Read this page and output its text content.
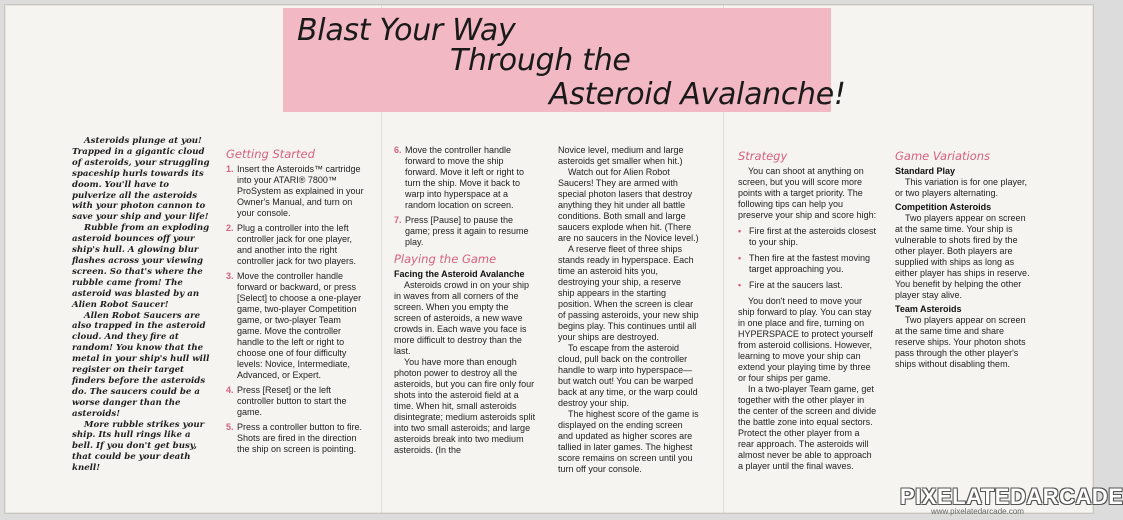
Blast Your Way
Through the
Asteroid Avalanche!

Asteroids plunge at you! Trapped in a gigantic cloud of asteroids, your struggling spaceship hurls towards its doom. You'll have to pulverize all the asteroids with your photon cannon to save your ship and your life!

Rubble from an exploding asteroid bounces off your ship's hull. A glowing blur flashes across your viewing screen. So that's where the rubble came from! The asteroid was blasted by an Alien Robot Saucer!

Allen Robot Saucers are also trapped in the asteroid cloud. And they fire at random! You know that the metal in your ship's hull will register on their target finders before the asteroids do. The saucers could be a worse danger than the asteroids!

More rubble strikes your ship. Its hull rings like a bell. If you don't get busy, that could be your death knell!

Getting Started
1. Insert the Asteroids™ cartridge into your ATARI® 7800™ ProSystem as explained in your Owner's Manual, and turn on your console.
2. Plug a controller into the left controller jack for one player, and another into the right controller jack for two players.
3. Move the controller handle forward or backward, or press [Select] to choose a one-player game, two-player Competition game, or two-player Team game. Move the controller handle to the left or right to choose one of four difficulty levels: Novice, Intermediate, Advanced, or Expert.
4. Press [Reset] or the left controller button to start the game.
5. Press a controller button to fire. Shots are fired in the direction the ship on screen is pointing.
6. Move the controller handle forward to move the ship forward. Move it left or right to turn the ship. Move it back to warp into hyperspace at a random location on screen.
7. Press [Pause] to pause the game; press it again to resume play.
Playing the Game
Facing the Asteroid Avalanche

Asteroids crowd in on your ship in waves from all corners of the screen. When you empty the screen of asteroids, a new wave crowds in. Each wave you face is more difficult to destroy than the last.

You have more than enough photon power to destroy all the asteroids, but you can fire only four shots into the asteroid field at a time. When hit, small asteroids disintegrate; medium asteroids split into two small asteroids; and large asteroids break into two medium asteroids. (In the

Novice level, medium and large asteroids get smaller when hit.)

Watch out for Alien Robot Saucers! They are armed with special photon lasers that destroy anything they hit under all battle conditions. Both small and large saucers explode when hit. (There are no saucers in the Novice level.)

A reserve fleet of three ships stands ready in hyperspace. Each time an asteroid hits you, destroying your ship, a reserve ship appears in the starting position. When the screen is clear of passing asteroids, your new ship begins play. This continues until all your ships are destroyed.

To escape from the asteroid cloud, pull back on the controller handle to warp into hyperspace—but watch out! You can be warped back at any time, or the warp could destroy your ship.

The highest score of the game is displayed on the ending screen and updated as higher scores are tallied in later games. The highest score remains on screen until you turn off your console.

Strategy

You can shoot at anything on screen, but you will score more points with a target priority. The following tips can help you preserve your ship and score high:

• Fire first at the asteroids closest to your ship.
• Then fire at the fastest moving target approaching you.
• Fire at the saucers last.

You don't need to move your ship forward to play. You can stay in one place and fire, turning on HYPERSPACE to protect yourself from asteroid collisions. However, learning to move your ship can extend your playing time by three or four ships per game.

In a two-player Team game, get together with the other player in the center of the screen and divide the battle zone into equal sectors. Protect the other player from a rear approach. The asteroids will almost never be able to approach a player until the final waves.

Game Variations
Standard Play

This variation is for one player, or two players alternating.

Competition Asteroids

Two players appear on screen at the same time. Your ship is vulnerable to shots fired by the other player. Both players are supplied with ships as long as either player has ships in reserve. You benefit by helping the other player stay alive.

Team Asteroids

Two players appear on screen at the same time and share reserve ships. Your photon shots pass through the other player's ships without disabling them.

PIXELATEDARCADE
www.pixelatedarcade.com
